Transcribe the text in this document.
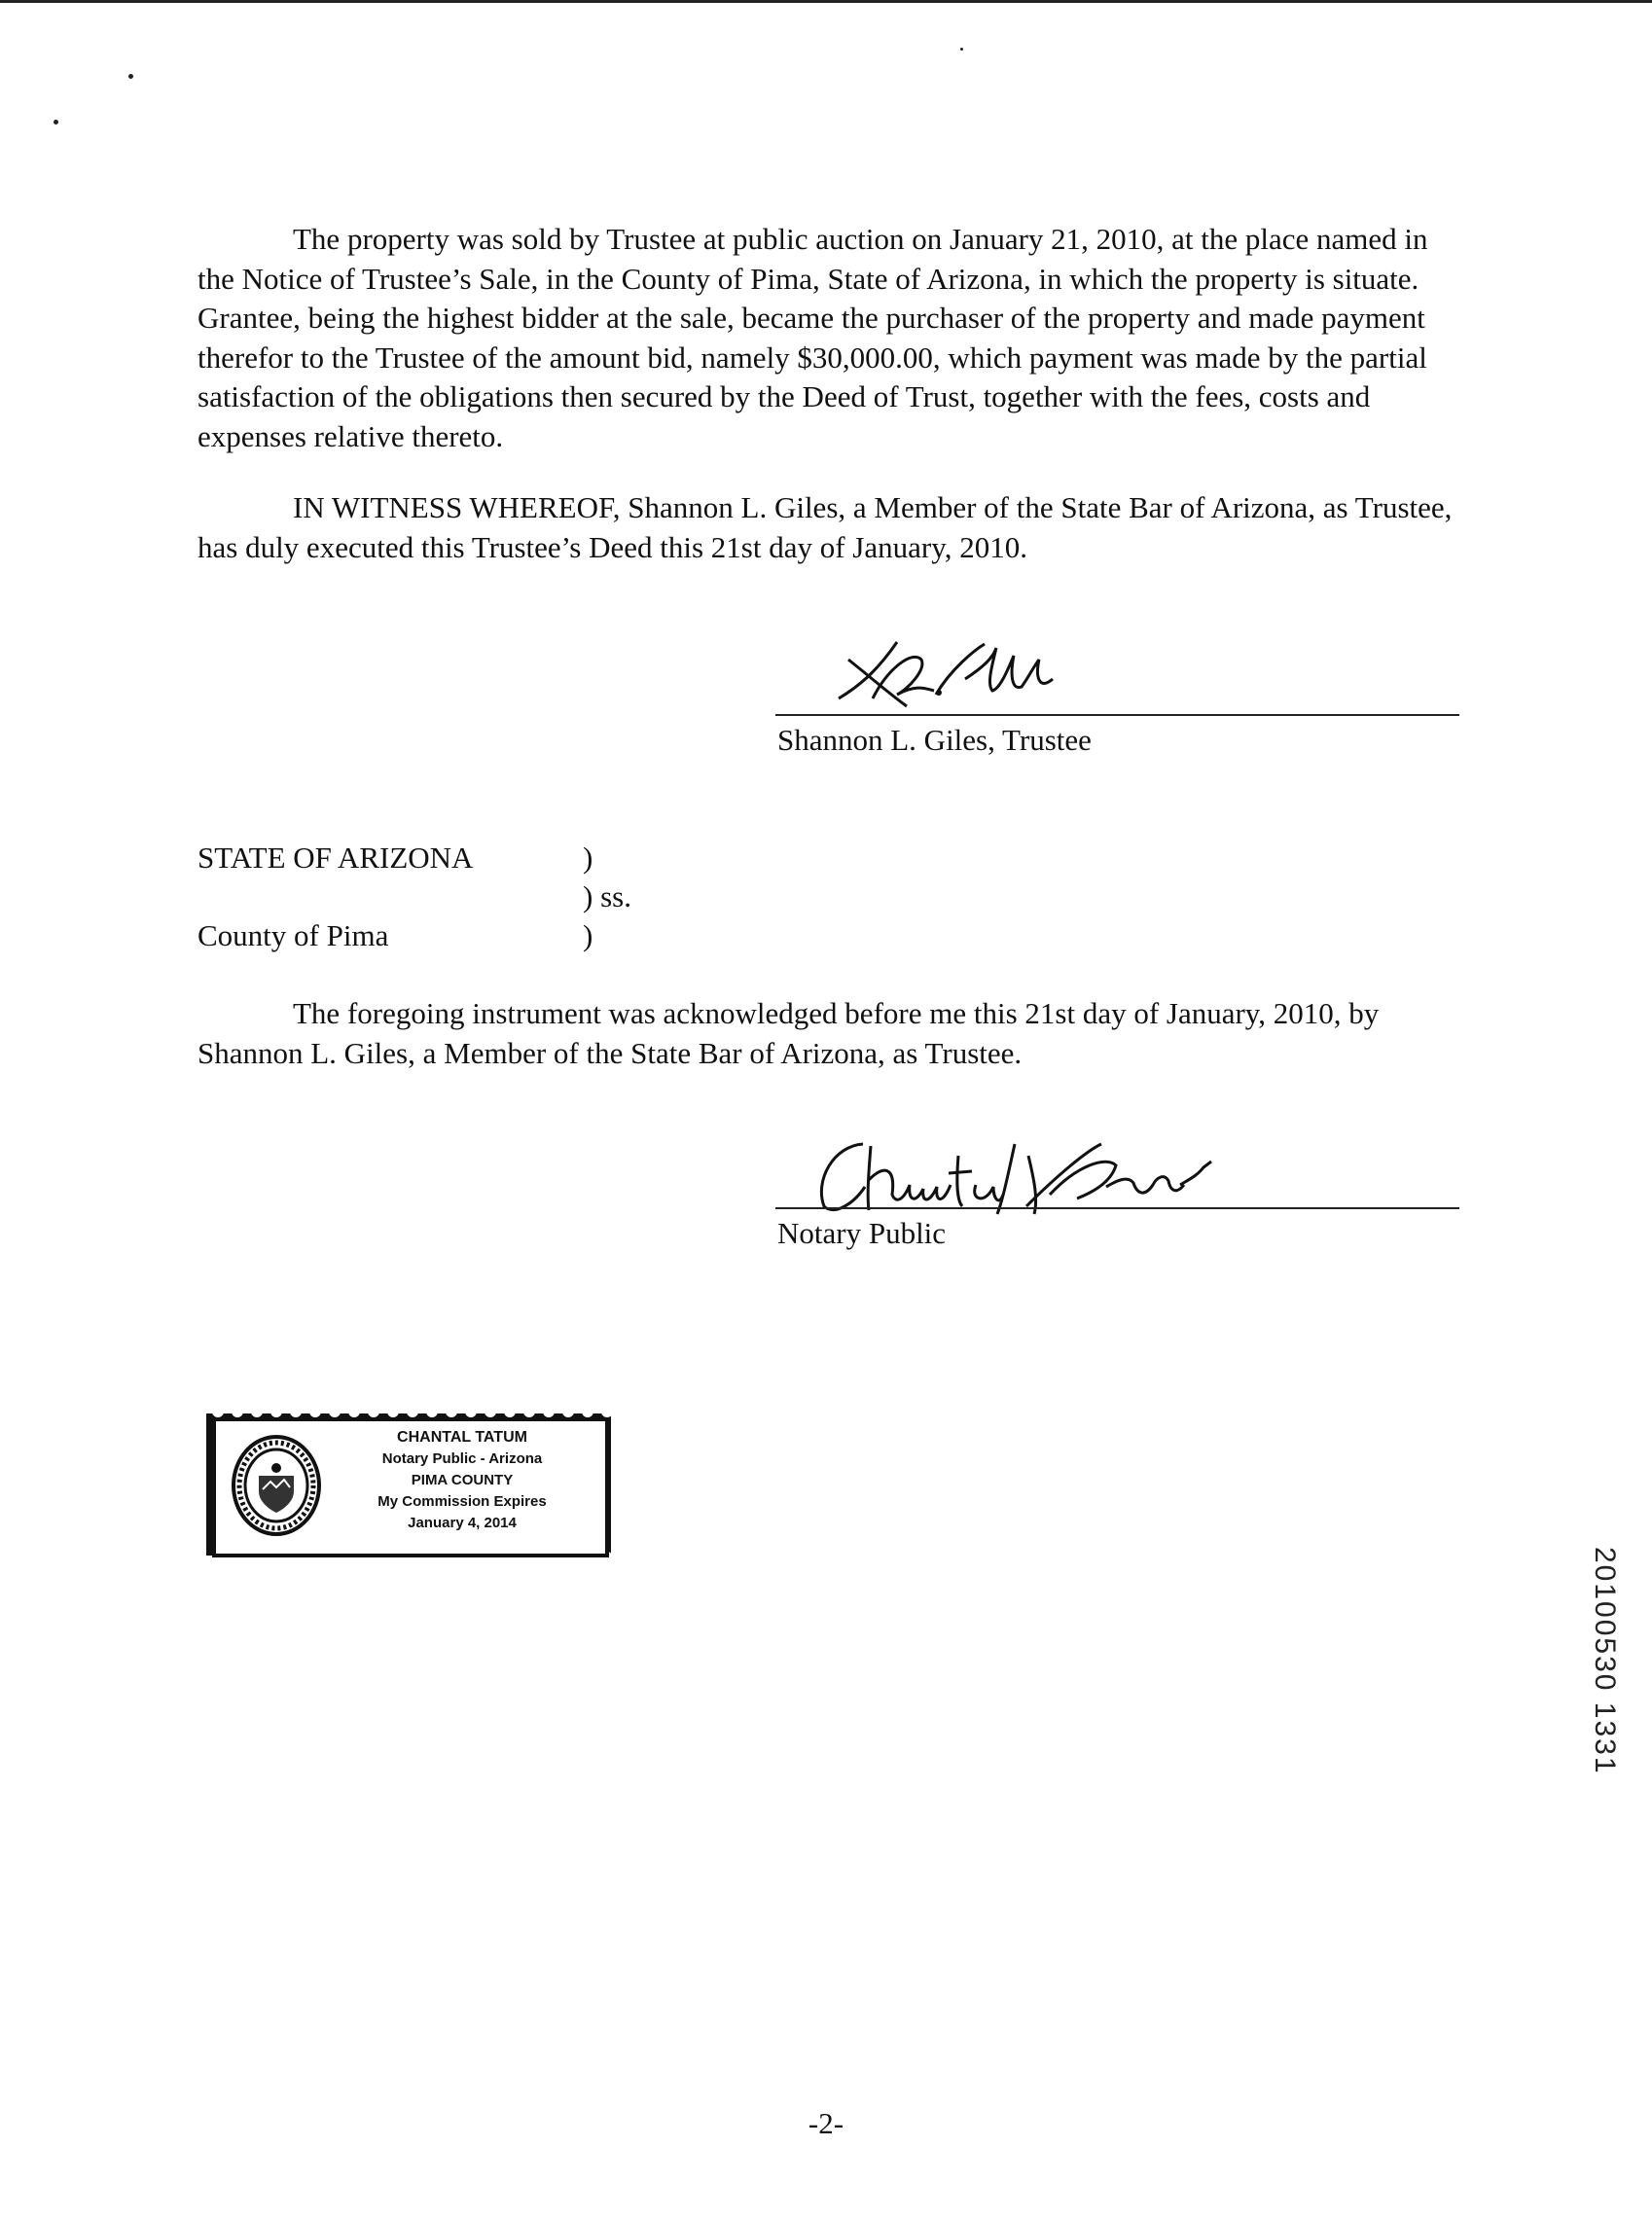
The property was sold by Trustee at public auction on January 21, 2010, at the place named in the Notice of Trustee’s Sale, in the County of Pima, State of Arizona, in which the property is situate. Grantee, being the highest bidder at the sale, became the purchaser of the property and made payment therefor to the Trustee of the amount bid, namely $30,000.00, which payment was made by the partial satisfaction of the obligations then secured by the Deed of Trust, together with the fees, costs and expenses relative thereto.

IN WITNESS WHEREOF, Shannon L. Giles, a Member of the State Bar of Arizona, as Trustee, has duly executed this Trustee’s Deed this 21st day of January, 2010.

Shannon L. Giles, Trustee
STATE OF ARIZONA	)
) ss.
County of Pima	)

The foregoing instrument was acknowledged before me this 21st day of January, 2010, by Shannon L. Giles, a Member of the State Bar of Arizona, as Trustee.

Notary Public
CHANTAL TATUM
Notary Public - Arizona
PIMA COUNTY
My Commission Expires
January 4, 2014
20100530 1331
-2-
